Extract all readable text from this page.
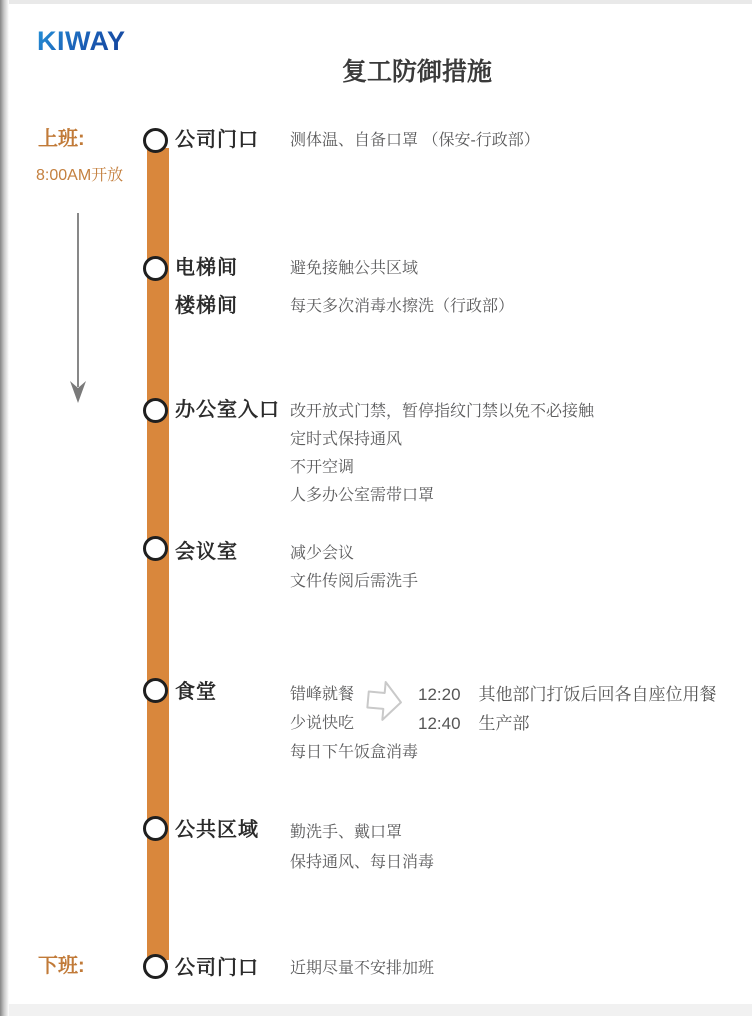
KIWAY
复工防御措施
上班:
8:00AM开放
下班:
公司门口 测体温、自备口罩 （保安-行政部）
电梯间	避免接触公共区域
楼梯间	每天多次消毒水擦洗（行政部）
办公室入口 改开放式门禁，暂停指纹门禁以免不必接触
定时式保持通风
不开空调
人多办公室需带口罩
会议室	减少会议
文件传阅后需洗手
食堂	错峰就餐
少说快吃
每日下午饭盒消毒
12:20 其他部门打饭后回各自座位用餐
12:40 生产部
公共区域 勤洗手、戴口罩
保持通风、每日消毒
公司门口 近期尽量不安排加班
